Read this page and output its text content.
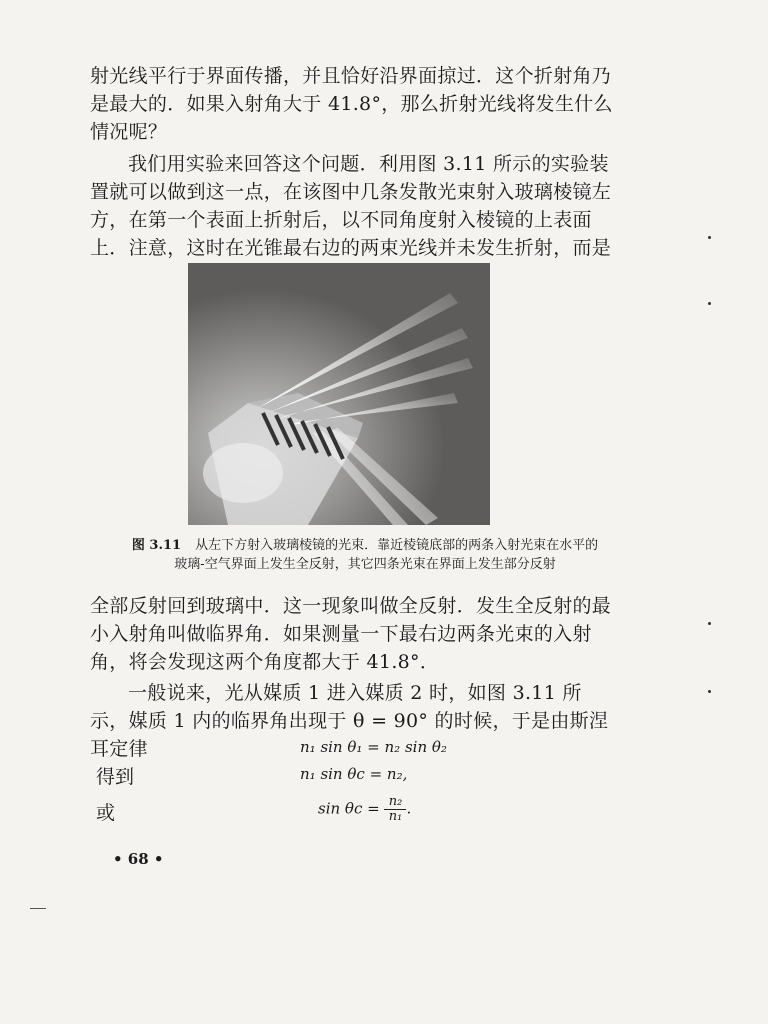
射光线平行于界面传播，并且恰好沿界面掠过．这个折射角乃是最大的．如果入射角大于 41.8°，那么折射光线将发生什么情况呢？

我们用实验来回答这个问题．利用图 3.11 所示的实验装置就可以做到这一点，在该图中几条发散光束射入玻璃棱镜左方，在第一个表面上折射后，以不同角度射入棱镜的上表面上．注意，这时在光锥最右边的两束光线并未发生折射，而是

图 3.11 从左下方射入玻璃棱镜的光束．靠近棱镜底部的两条入射光束在水平的玻璃-空气界面上发生全反射，其它四条光束在界面上发生部分反射

全部反射回到玻璃中．这一现象叫做全反射．发生全反射的最小入射角叫做临界角．如果测量一下最右边两条光束的入射角，将会发现这两个角度都大于 41.8°．

一般说来，光从媒质 1 进入媒质 2 时，如图 3.11 所示，媒质 1 内的临界角出现于 θ = 90° 的时候，于是由斯涅耳定律	n₁ sin θ₁ = n₂ sin θ₂
得到	n₁ sin θc = n₂,
或	$\sin \theta c = \frac{\text{n₂}}{\text{n₁}}$ .
• 68 •
